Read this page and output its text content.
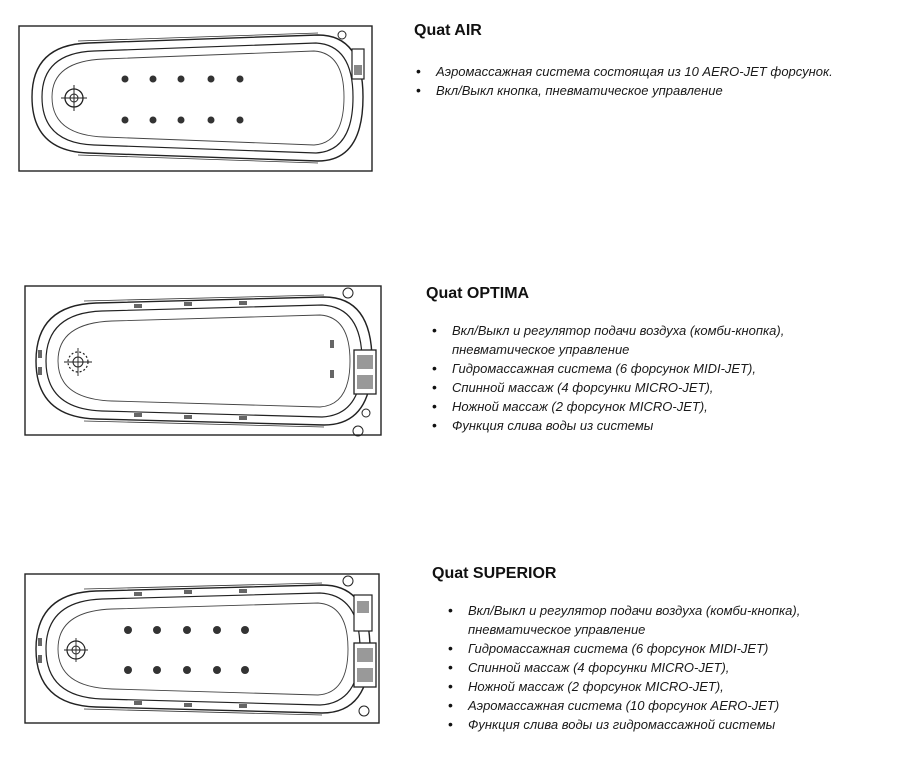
Quat AIR
• Аэромассажная система состоящая из 10 AERO-JET форсунок.
• Вкл/Выкл кнопка, пневматическое управление
Quat OPTIMA
• Вкл/Выкл и регулятор подачи воздуха (комби-кнопка),
пневматическое управление
• Гидромассажная система (6 форсунок MIDI-JET),
• Спинной массаж (4 форсунки MICRO-JET),
• Ножной массаж (2 форсунок MICRO-JET),
• Функция слива воды из системы
Quat SUPERIOR
• Вкл/Выкл и регулятор подачи воздуха (комби-кнопка),
пневматическое управление
• Гидромассажная система (6 форсунок MIDI-JET)
• Спинной массаж (4 форсунки MICRO-JET),
• Ножной массаж (2 форсунок MICRO-JET),
• Аэромассажная система (10 форсунок AERO-JET)
• Функция слива воды из гидромассажной системы
